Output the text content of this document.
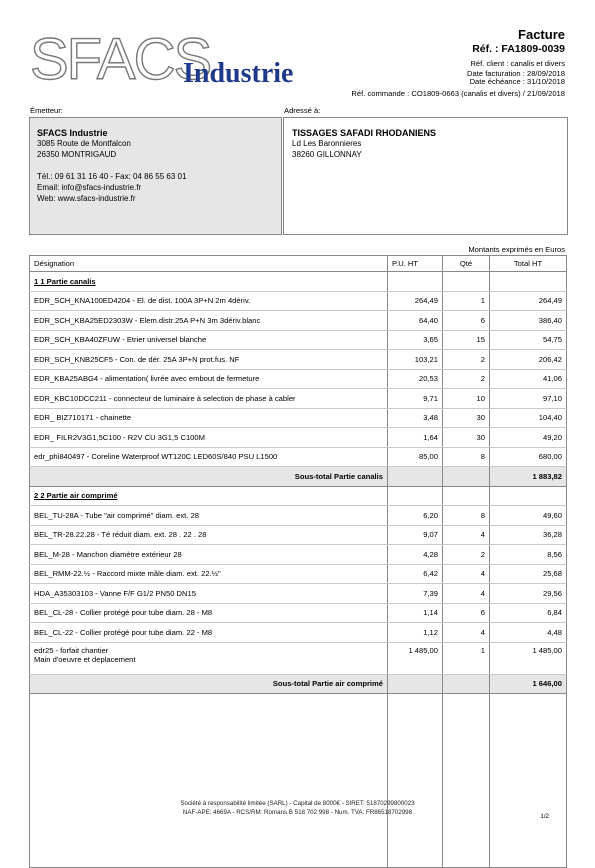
SFACS
Industrie
Facture
Réf. : FA1809-0039
Réf. client : canalis et divers
Date facturation : 28/09/2018
Date échéance : 31/10/2018
Réf. commande : CO1809-0663 (canalis et divers) / 21/09/2018
Émetteur:	Adressé à:
SFACS Industrie
3085 Route de Montfalcon
26350 MONTRIGAUD
Tél.: 09 61 31 16 40 - Fax: 04 86 55 63 01
Email: info@sfacs-industrie.fr
Web: www.sfacs-industrie.fr
TISSAGES SAFADI RHODANIENS
Ld Les Baronnieres
38260 GILLONNAY
Montants exprimés en Euros
Désignation	P.U. HT	Qté	Total HT
1 1 Partie canalis			
EDR_SCH_KNA100ED4204 - El. de dist. 100A 3P+N 2m 4dériv.	264,49	1	264,49
EDR_SCH_KBA25ED2303W - Elem.distr.25A P+N 3m 3dériv.blanc	64,40	6	386,40
EDR_SCH_KBA40ZFUW - Etrier universel blanche	3,65	15	54,75
EDR_SCH_KNB25CF5 - Con. de dér. 25A 3P+N prot.fus. NF	103,21	2	206,42
EDR_KBA25ABG4 - alimentation( livrée avec embout de fermeture	20,53	2	41,06
EDR_KBC10DCC211 - connecteur de luminaire à selection de phase à cabler	9,71	10	97,10
EDR_ BIZ710171 - chainette	3,48	30	104,40
EDR_ FILR2V3G1,5C100 - R2V CU 3G1,5 C100M	1,64	30	49,20
edr_phi840497 - Coreline Waterproof WT120C LED60S/840 PSU L1500	85,00	8	680,00
Sous-total Partie canalis			1 883,82
2 2 Partie air comprimé			
BEL_TU-28A - Tube "air comprimé" diam. ext. 28	6,20	8	49,60
BEL_TR-28.22.28 - Té réduit diam. ext. 28 . 22 . 28	9,07	4	36,28
BEL_M-28 - Manchon diamètre extérieur 28	4,28	2	8,56
BEL_RMM-22.½ - Raccord mixte mâle diam. ext. 22.½"	6,42	4	25,68
HDA_A35303103 - Vanne F/F G1/2 PN50 DN15	7,39	4	29,56
BEL_CL-28 - Collier protégé pour tube diam. 28 - M8	1,14	6	6,84
BEL_CL-22 - Collier protégé pour tube diam. 22 - M8	1,12	4	4,48

edr25 - forfait chantier
Main d'oeuvre et deplacement	1 485,00	1	1 485,00
Sous-total Partie air comprimé			1 646,00

Société à responsabilité limitée (SARL) - Capital de 8000€ - SIRET: 51870299800023
NAF-APE: 4669A - RCS/RM: Romans B 518 702 998 - Num. TVA: FR86518702998
1/2
